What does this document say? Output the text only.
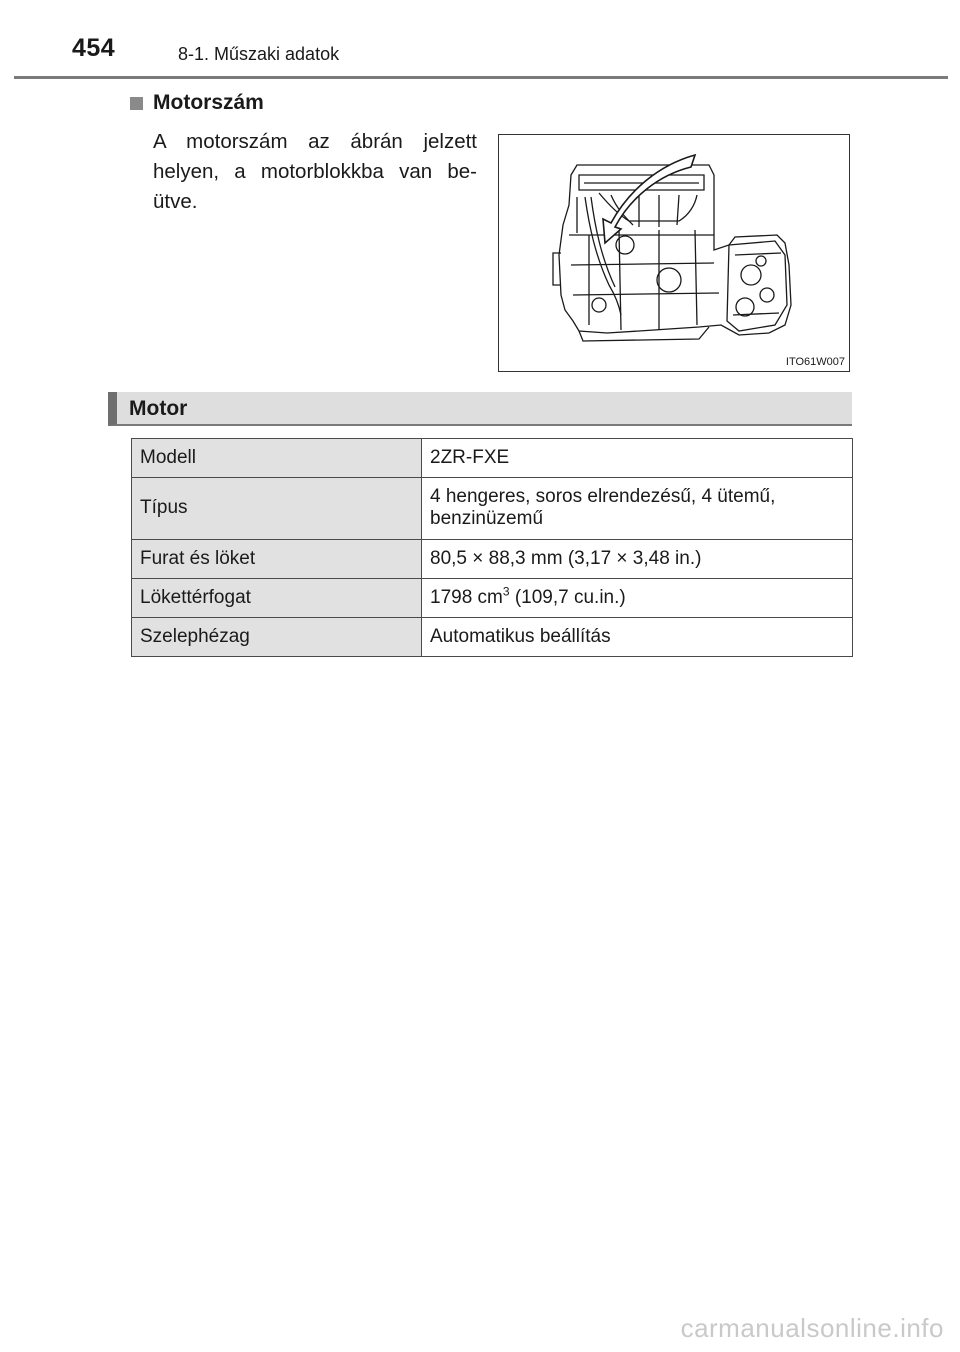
454	8-1. Műszaki adatok
Motorszám
A motorszám az ábrán jelzett helyen, a motorblokkba van be-ütve.
ITO61W007
Motor
Modell	2ZR-FXE
Típus	4 hengeres, soros elrendezésű, 4 ütemű, benzinüzemű
Furat és löket	80,5 × 88,3 mm (3,17 × 3,48 in.)
Lökettérfogat	1798 $cm^3$ (109,7 cu.in.)
Szelephézag	Automatikus beállítás
carmanualsonline.info
